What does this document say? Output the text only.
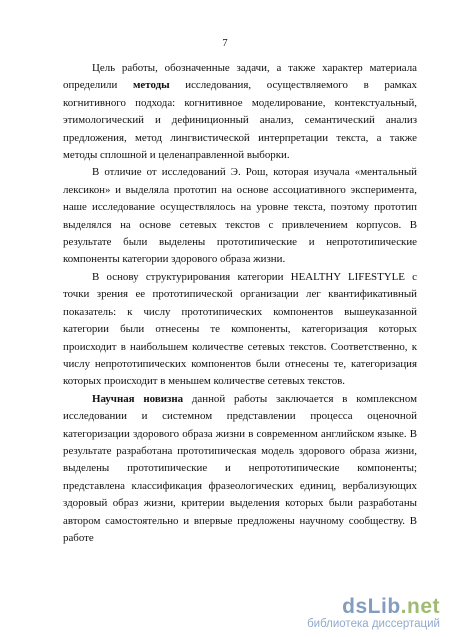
7

Цель работы, обозначенные задачи, а также характер материала определили методы исследования, осуществляемого в рамках когнитивного подхода: когнитивное моделирование, контекстуальный, этимологический и дефиниционный анализ, семантический анализ предложения, метод лингвистической интерпретации текста, а также методы сплошной и целенаправленной выборки.

В отличие от исследований Э. Рош, которая изучала «ментальный лексикон» и выделяла прототип на основе ассоциативного эксперимента, наше исследование осуществлялось на уровне текста, поэтому прототип выделялся на основе сетевых текстов с привлечением корпусов. В результате были выделены прототипические и непрототипические компоненты категории здорового образа жизни.

В основу структурирования категории HEALTHY LIFESTYLE с точки зрения ее прототипической организации лег квантификативный показатель: к числу прототипических компонентов вышеуказанной категории были отнесены те компоненты, категоризация которых происходит в наибольшем количестве сетевых текстов. Соответственно, к числу непрототипических компонентов были отнесены те, категоризация которых происходит в меньшем количестве сетевых текстов.

Научная новизна данной работы заключается в комплексном исследовании и системном представлении процесса оценочной категоризации здорового образа жизни в современном английском языке. В результате разработана прототипическая модель здорового образа жизни, выделены прототипические и непрототипические компоненты; представлена классификация фразеологических единиц, вербализующих здоровый образ жизни, критерии выделения которых были разработаны автором самостоятельно и впервые предложены научному сообществу. В работе

dsLib.net
библиотека диссертаций
